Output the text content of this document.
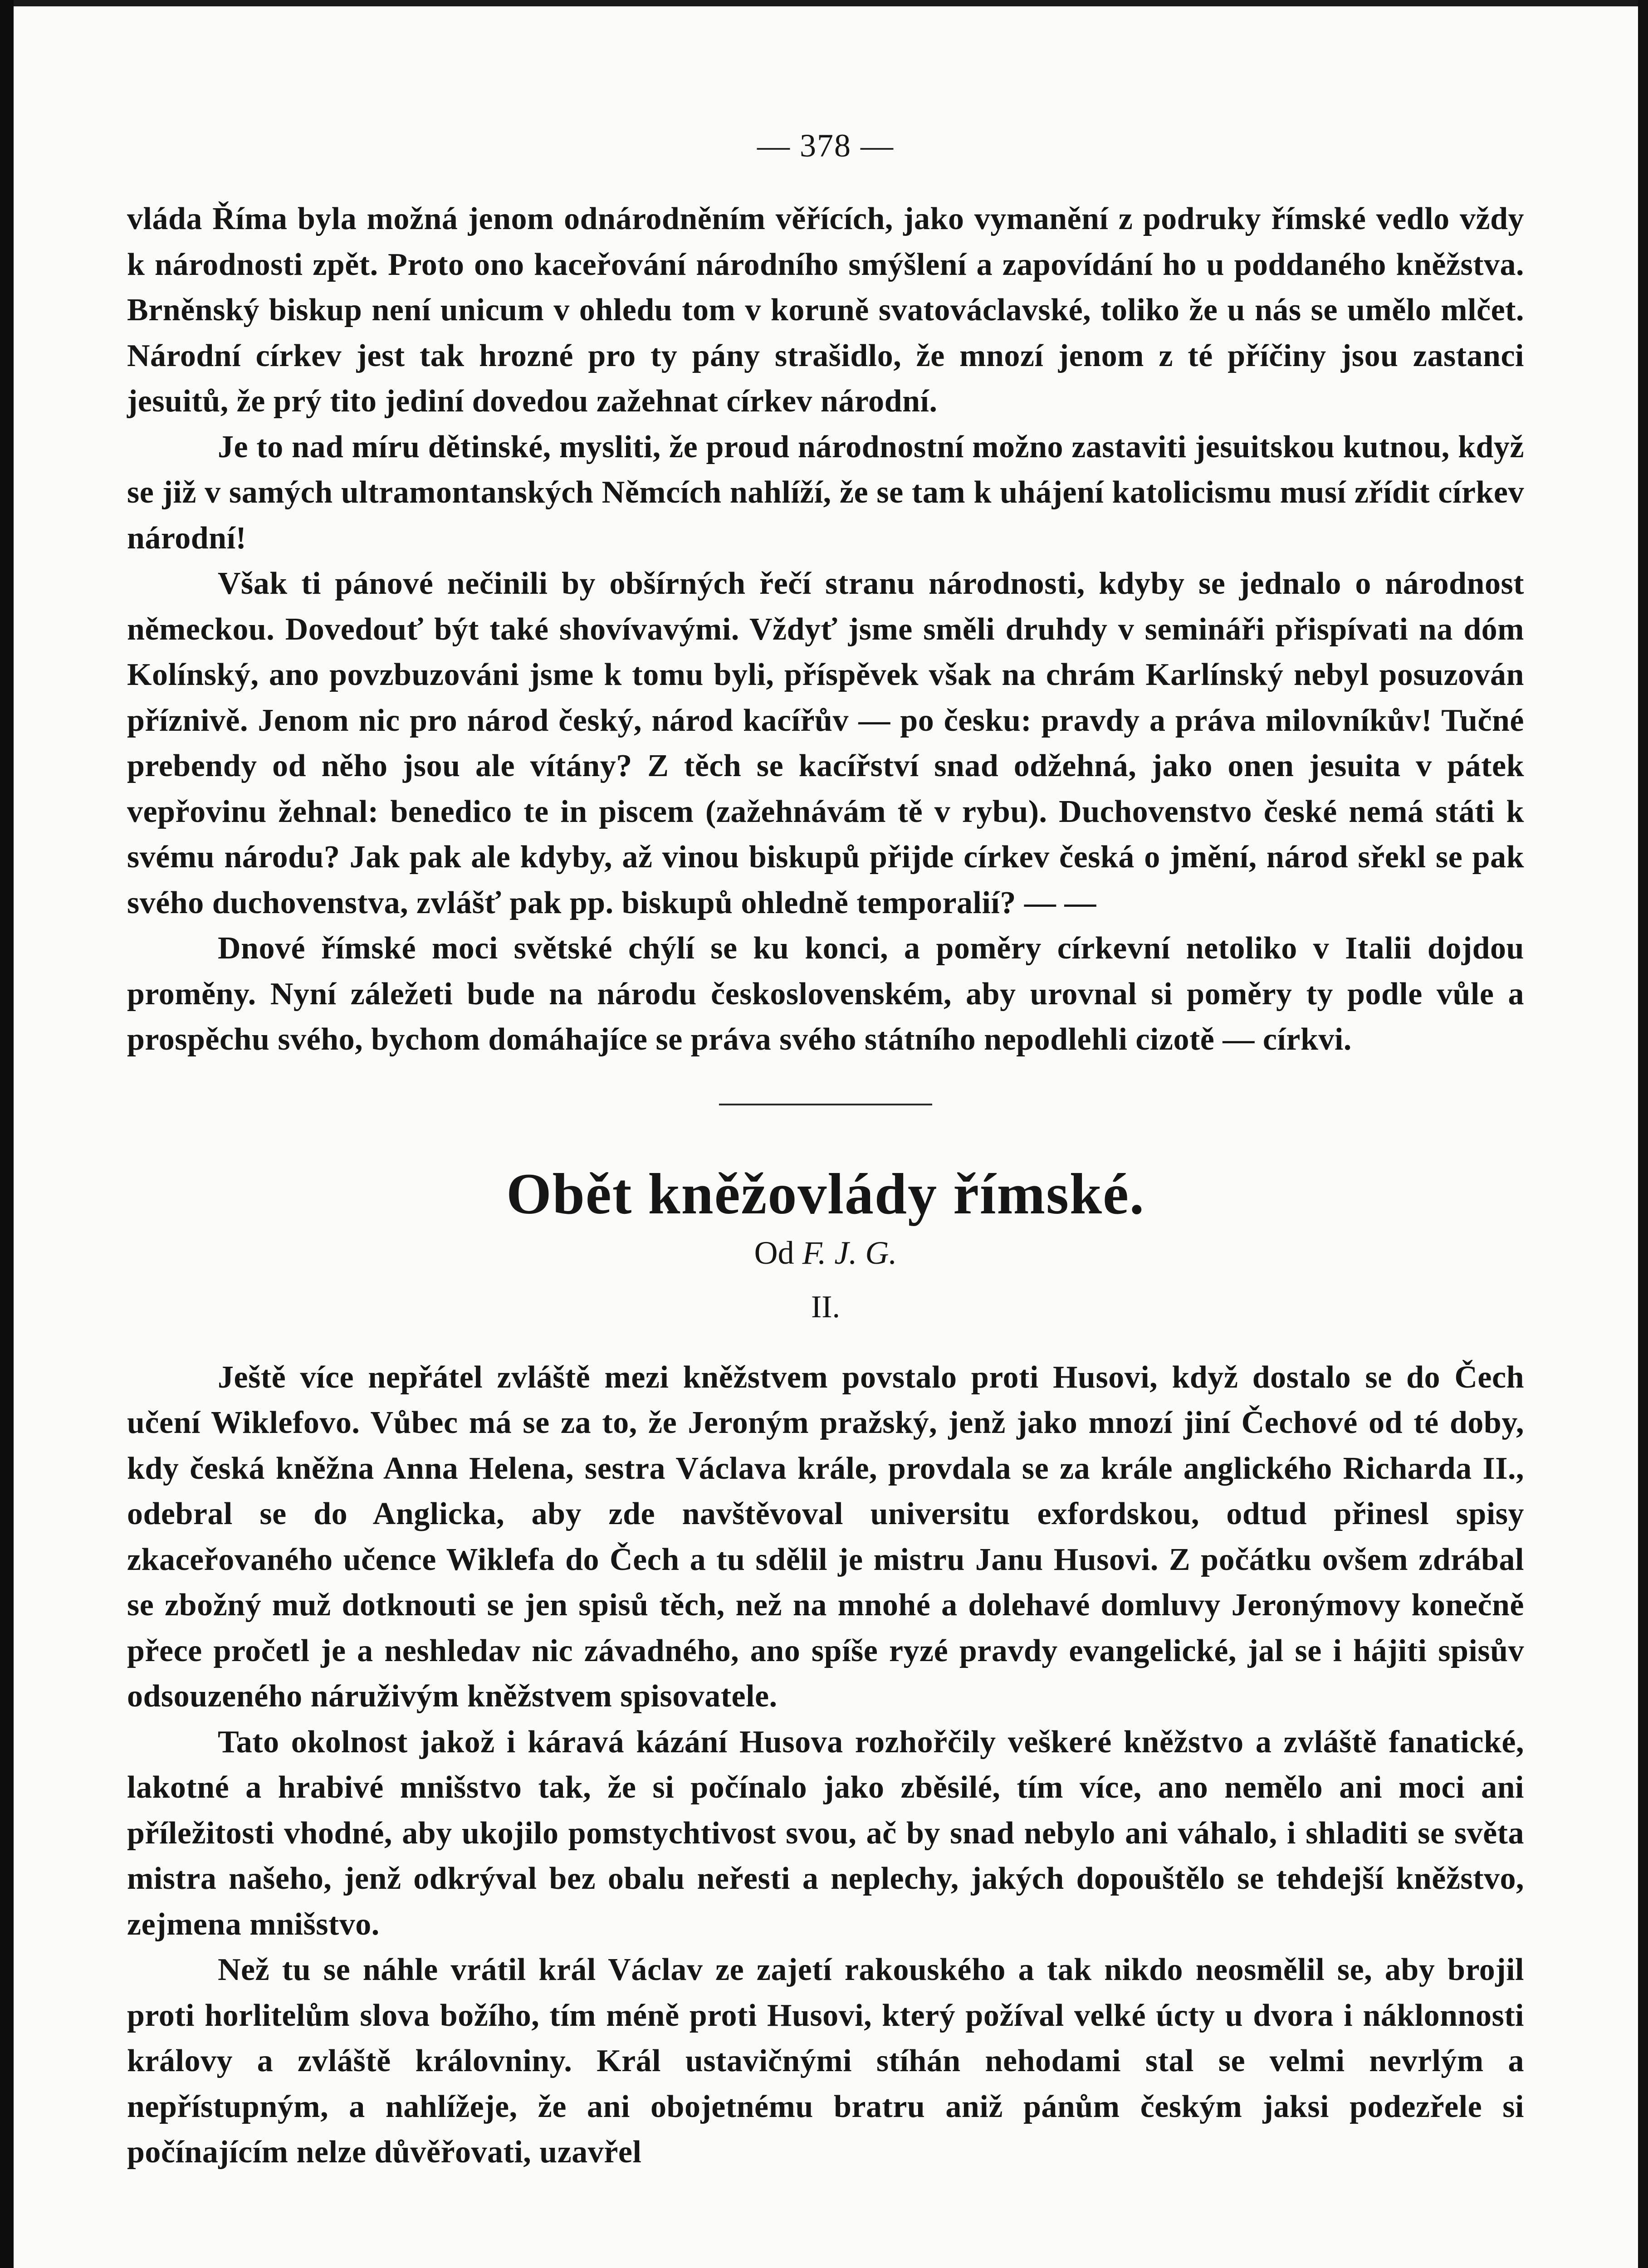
— 378 —

vláda Říma byla možná jenom odnárodněním věřících, jako vymanění z podruky římské vedlo vždy k národnosti zpět. Proto ono kaceřování národního smýšlení a zapovídání ho u poddaného kněžstva. Brněnský biskup není unicum v ohledu tom v koruně svatováclavské, toliko že u nás se umělo mlčet. Národní církev jest tak hrozné pro ty pány strašidlo, že mnozí jenom z té příčiny jsou zastanci jesuitů, že prý tito jediní dovedou zažehnat církev národní.

Je to nad míru dětinské, mysliti, že proud národnostní možno zastaviti jesuitskou kutnou, když se již v samých ultramontanských Němcích nahlíží, že se tam k uhájení katolicismu musí zřídit církev národní!

Však ti pánové nečinili by obšírných řečí stranu národnosti, kdyby se jednalo o národnost německou. Dovedouť být také shovívavými. Vždyť jsme směli druhdy v semináři přispívati na dóm Kolínský, ano povzbuzováni jsme k tomu byli, příspěvek však na chrám Karlínský nebyl posuzován příznivě. Jenom nic pro národ český, národ kacířův — po česku: pravdy a práva milovníkův! Tučné prebendy od něho jsou ale vítány? Z těch se kacířství snad odžehná, jako onen jesuita v pátek vepřovinu žehnal: benedico te in piscem (zažehnávám tě v rybu). Duchovenstvo české nemá státi k svému národu? Jak pak ale kdyby, až vinou biskupů přijde církev česká o jmění, národ sřekl se pak svého duchovenstva, zvlášť pak pp. biskupů ohledně temporalií? — —

Dnové římské moci světské chýlí se ku konci, a poměry církevní netoliko v Italii dojdou proměny. Nyní záležeti bude na národu československém, aby urovnal si poměry ty podle vůle a prospěchu svého, bychom domáhajíce se práva svého státního nepodlehli cizotě — církvi.

Obět kněžovlády římské.
Od F. J. G.
II.

Ještě více nepřátel zvláště mezi kněžstvem povstalo proti Husovi, když dostalo se do Čech učení Wiklefovo. Vůbec má se za to, že Jeroným pražský, jenž jako mnozí jiní Čechové od té doby, kdy česká kněžna Anna Helena, sestra Václava krále, provdala se za krále anglického Richarda II., odebral se do Anglicka, aby zde navštěvoval universitu exfordskou, odtud přinesl spisy zkaceřovaného učence Wiklefa do Čech a tu sdělil je mistru Janu Husovi. Z počátku ovšem zdrábal se zbožný muž dotknouti se jen spisů těch, než na mnohé a dolehavé domluvy Jeronýmovy konečně přece pročetl je a neshledav nic závadného, ano spíše ryzé pravdy evangelické, jal se i hájiti spisův odsouzeného náruživým kněžstvem spisovatele.

Tato okolnost jakož i káravá kázání Husova rozhořčily veškeré kněžstvo a zvláště fanatické, lakotné a hrabivé mnišstvo tak, že si počínalo jako zběsilé, tím více, ano nemělo ani moci ani příležitosti vhodné, aby ukojilo pomstychtivost svou, ač by snad nebylo ani váhalo, i shladiti se světa mistra našeho, jenž odkrýval bez obalu neřesti a neplechy, jakých dopouštělo se tehdejší kněžstvo, zejmena mnišstvo.

Než tu se náhle vrátil král Václav ze zajetí rakouského a tak nikdo neosmělil se, aby brojil proti horlitelům slova božího, tím méně proti Husovi, který požíval velké úcty u dvora i náklonnosti královy a zvláště královniny. Král ustavičnými stíhán nehodami stal se velmi nevrlým a nepřístupným, a nahlížeje, že ani obojetnému bratru aniž pánům českým jaksi podezřele si počínajícím nelze důvěřovati, uzavřel
